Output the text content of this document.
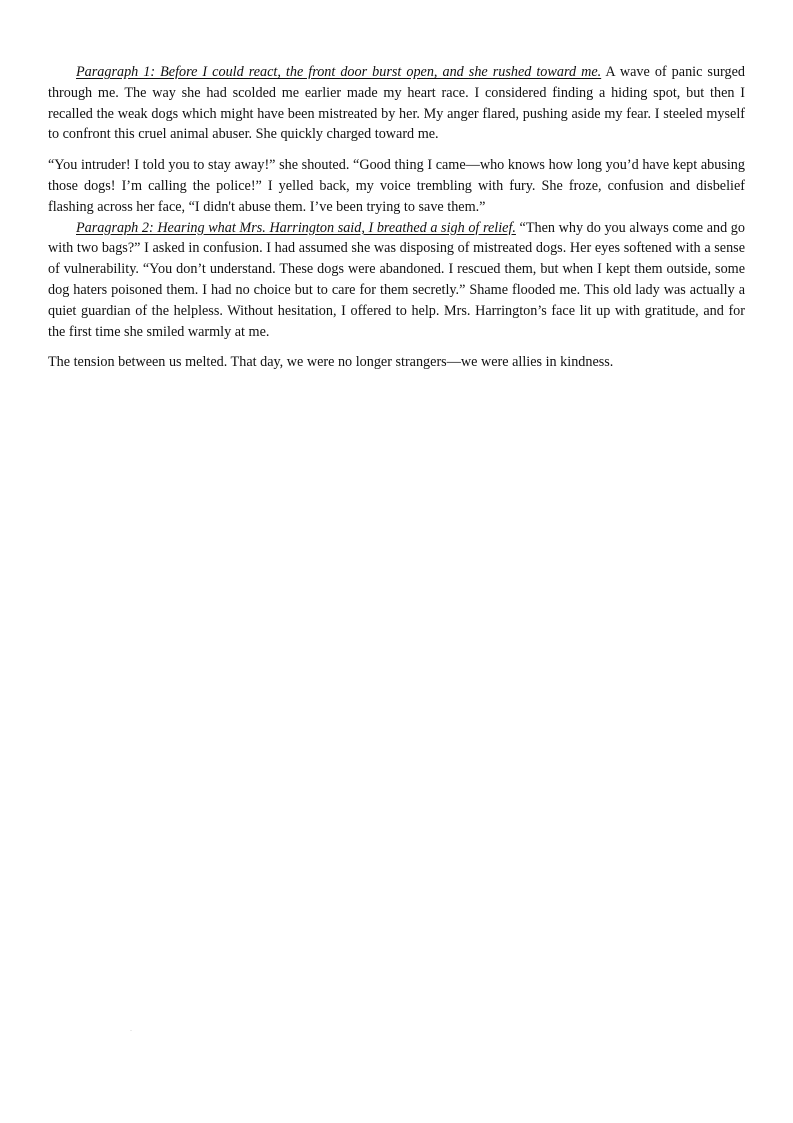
Paragraph 1: Before I could react, the front door burst open, and she rushed toward me. A wave of panic surged through me. The way she had scolded me earlier made my heart race. I considered finding a hiding spot, but then I recalled the weak dogs which might have been mistreated by her. My anger flared, pushing aside my fear. I steeled myself to confront this cruel animal abuser. She quickly charged toward me.

“You intruder! I told you to stay away!” she shouted. “Good thing I came—who knows how long you’d have kept abusing those dogs! I’m calling the police!” I yelled back, my voice trembling with fury. She froze, confusion and disbelief flashing across her face, “I didn't abuse them. I’ve been trying to save them.”

Paragraph 2: Hearing what Mrs. Harrington said, I breathed a sigh of relief. “Then why do you always come and go with two bags?” I asked in confusion. I had assumed she was disposing of mistreated dogs. Her eyes softened with a sense of vulnerability. “You don’t understand. These dogs were abandoned. I rescued them, but when I kept them outside, some dog haters poisoned them. I had no choice but to care for them secretly.” Shame flooded me. This old lady was actually a quiet guardian of the helpless. Without hesitation, I offered to help. Mrs. Harrington’s face lit up with gratitude, and for the first time she smiled warmly at me.

The tension between us melted. That day, we were no longer strangers—we were allies in kindness.

.
